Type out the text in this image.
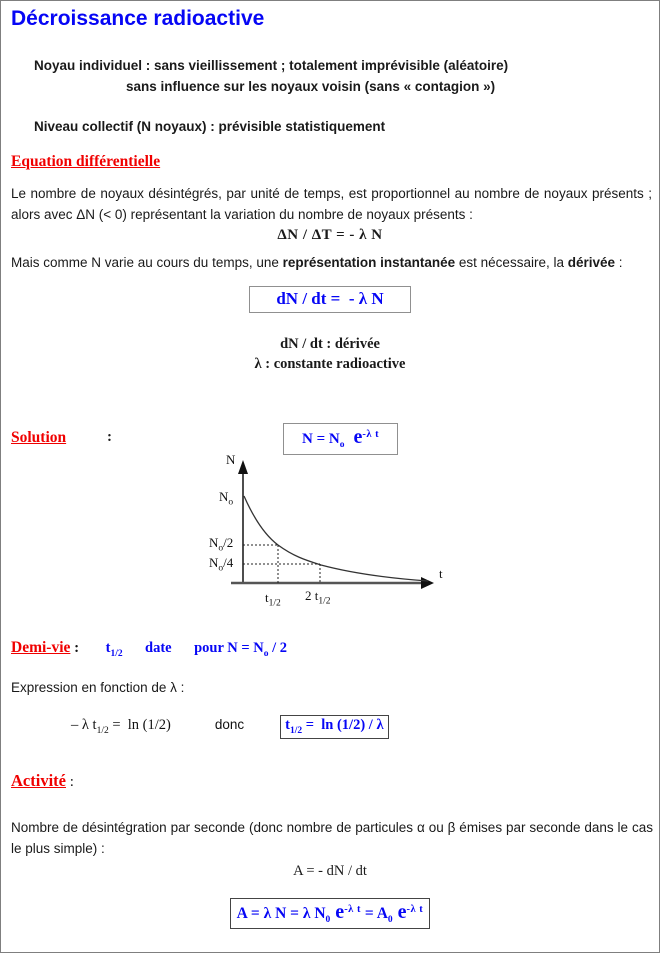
Décroissance radioactive
Noyau individuel : sans vieillissement ; totalement imprévisible (aléatoire)
sans influence sur les noyaux voisin (sans « contagion »)
Niveau collectif (N noyaux) : prévisible statistiquement
Equation différentielle
Le nombre de noyaux désintégrés, par unité de temps, est proportionnel au nombre de noyaux présents ; alors avec ΔN (< 0) représentant la variation du nombre de noyaux présents :
ΔN / ΔT = - λ N
Mais comme N varie au cours du temps, une représentation instantanée est nécessaire, la dérivée :
dN / dt =  - λ N
dN / dt : dérivée
λ : constante radioactive
Solution	:	$N = N_o$ $e^{-\lambda t}$
N
t
$N_o$
$N_o/2$
$N_o/4$
$t_{1/2}$
2 $t_{1/2}$
Demi-vie : $t_{1/2}$ date pour $N = N_o / 2$
Expression en fonction de λ :
– λ $t_{1/2} = \ln (1/2)$	donc	$t_{1/2} = \ln (1/2) / \lambda$
Activité :
Nombre de désintégration par seconde (donc nombre de particules α ou β émises par seconde dans le cas le plus simple) :
A = - dN / dt
A = λ N = λ $N_0$ $e^{-\lambda t} = A_0$ $e^{-\lambda t}$
